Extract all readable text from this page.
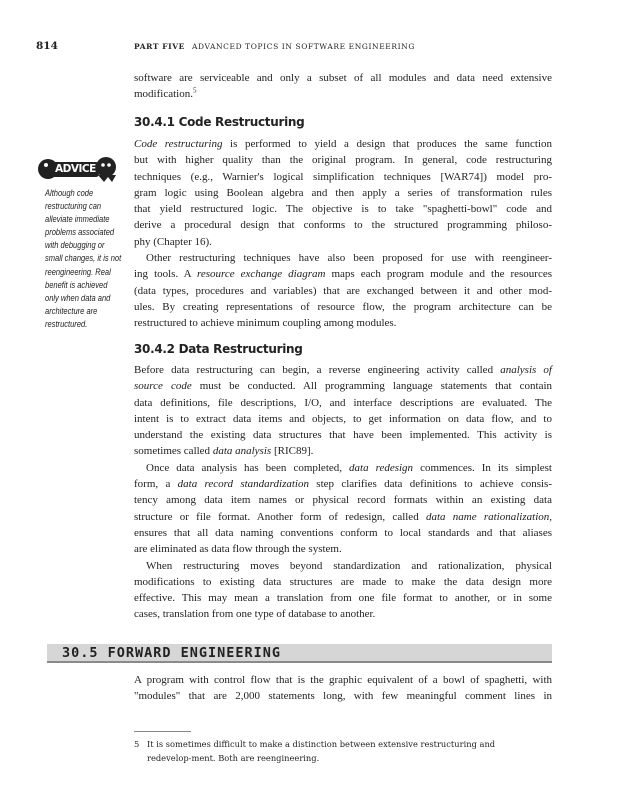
814	PART FIVE ADVANCED TOPICS IN SOFTWARE ENGINEERING
software are serviceable and only a subset of all modules and data need extensive
modification.$^5$
30.4.1 Code Restructuring
Code restructuring is performed to yield a design that produces the same function
but with higher quality than the original program. In general, code restructuring
techniques (e.g., Warnier's logical simplification techniques [WAR74]) model pro-
gram logic using Boolean algebra and then apply a series of transformation rules
that yield restructured logic. The objective is to take "spaghetti-bowl" code and
derive a procedural design that conforms to the structured programming philoso-
phy (Chapter 16).
Other restructuring techniques have also been proposed for use with reengineer-
ing tools. A resource exchange diagram maps each program module and the resources
(data types, procedures and variables) that are exchanged between it and other mod-
ules. By creating representations of resource flow, the program architecture can be
restructured to achieve minimum coupling among modules.
ADVICE
Although code
restructuring can
alleviate immediate
problems associated
with debugging or
small changes, it is not
reengineering. Real
benefit is achieved
only when data and
architecture are
restructured.
30.4.2 Data Restructuring
Before data restructuring can begin, a reverse engineering activity called analysis of
source code must be conducted. All programming language statements that contain
data definitions, file descriptions, I/O, and interface descriptions are evaluated. The
intent is to extract data items and objects, to get information on data flow, and to
understand the existing data structures that have been implemented. This activity is
sometimes called data analysis [RIC89].
Once data analysis has been completed, data redesign commences. In its simplest
form, a data record standardization step clarifies data definitions to achieve consis-
tency among data item names or physical record formats within an existing data
structure or file format. Another form of redesign, called data name rationalization,
ensures that all data naming conventions conform to local standards and that aliases
are eliminated as data flow through the system.
When restructuring moves beyond standardization and rationalization, physical
modifications to existing data structures are made to make the data design more
effective. This may mean a translation from one file format to another, or in some
cases, translation from one type of database to another.
30.5 FORWARD ENGINEERING
A program with control flow that is the graphic equivalent of a bowl of spaghetti, with
"modules" that are 2,000 statements long, with few meaningful comment lines in
5 It is sometimes difficult to make a distinction between extensive restructuring and redevelop-ment. Both are reengineering.
